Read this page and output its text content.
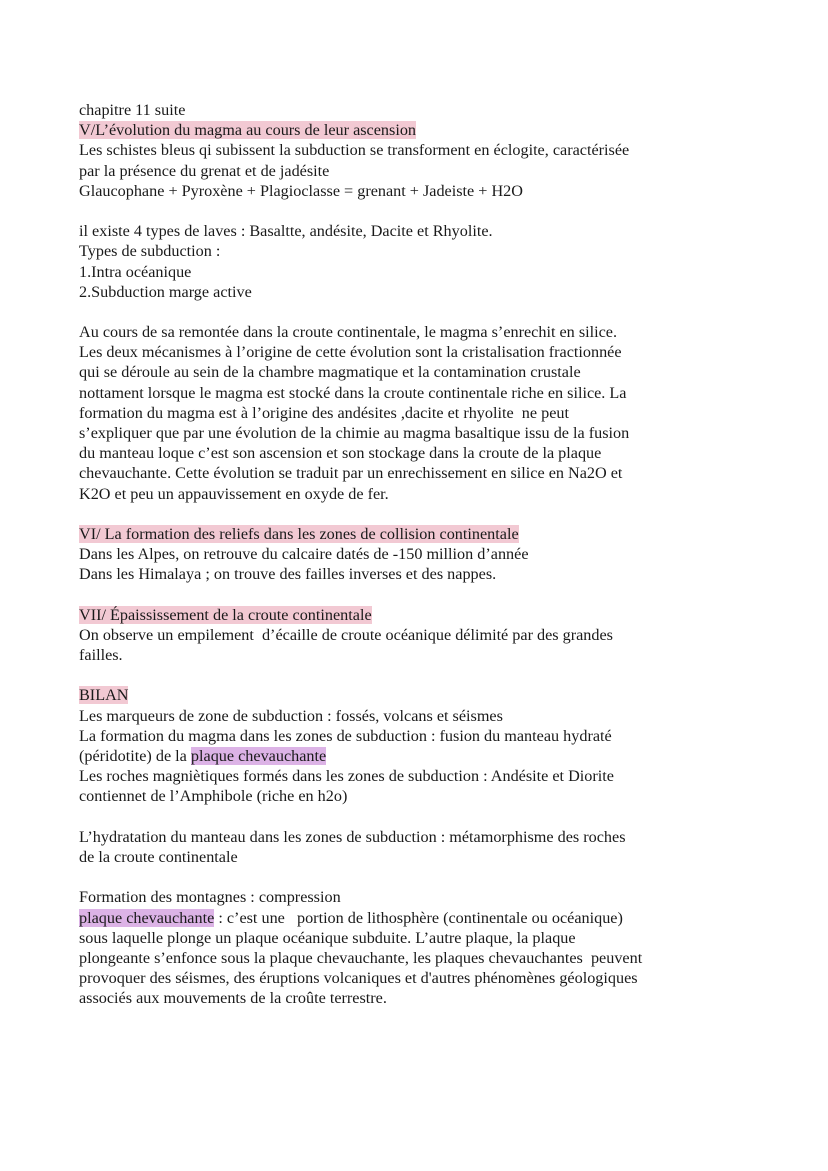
chapitre 11 suite
V/L’évolution du magma au cours de leur ascension
Les schistes bleus qi subissent la subduction se transforment en éclogite, caractérisée
par la présence du grenat et de jadésite
Glaucophane + Pyroxène + Plagioclasse = grenant + Jadeiste + H2O
il existe 4 types de laves : Basaltte, andésite, Dacite et Rhyolite.
Types de subduction :
1.Intra océanique
2.Subduction marge active
Au cours de sa remontée dans la croute continentale, le magma s’enrechit en silice.
Les deux mécanismes à l’origine de cette évolution sont la cristalisation fractionnée
qui se déroule au sein de la chambre magmatique et la contamination crustale
nottament lorsque le magma est stocké dans la croute continentale riche en silice. La
formation du magma est à l’origine des andésites ,dacite et rhyolite  ne peut
s’expliquer que par une évolution de la chimie au magma basaltique issu de la fusion
du manteau loque c’est son ascension et son stockage dans la croute de la plaque
chevauchante. Cette évolution se traduit par un enrechissement en silice en Na2O et
K2O et peu un appauvissement en oxyde de fer.
VI/ La formation des reliefs dans les zones de collision continentale
Dans les Alpes, on retrouve du calcaire datés de -150 million d’année
Dans les Himalaya ; on trouve des failles inverses et des nappes.
VII/ Épaississement de la croute continentale
On observe un empilement  d’écaille de croute océanique délimité par des grandes
failles.
BILAN
Les marqueurs de zone de subduction : fossés, volcans et séismes
La formation du magma dans les zones de subduction : fusion du manteau hydraté
(péridotite) de la plaque chevauchante
Les roches magniètiques formés dans les zones de subduction : Andésite et Diorite
contiennet de l’Amphibole (riche en h2o)
L’hydratation du manteau dans les zones de subduction : métamorphisme des roches
de la croute continentale
Formation des montagnes : compression
plaque chevauchante : c’est une   portion de lithosphère (continentale ou océanique)
sous laquelle plonge un plaque océanique subduite. L’autre plaque, la plaque
plongeante s’enfonce sous la plaque chevauchante, les plaques chevauchantes  peuvent
provoquer des séismes, des éruptions volcaniques et d'autres phénomènes géologiques
associés aux mouvements de la croûte terrestre.
